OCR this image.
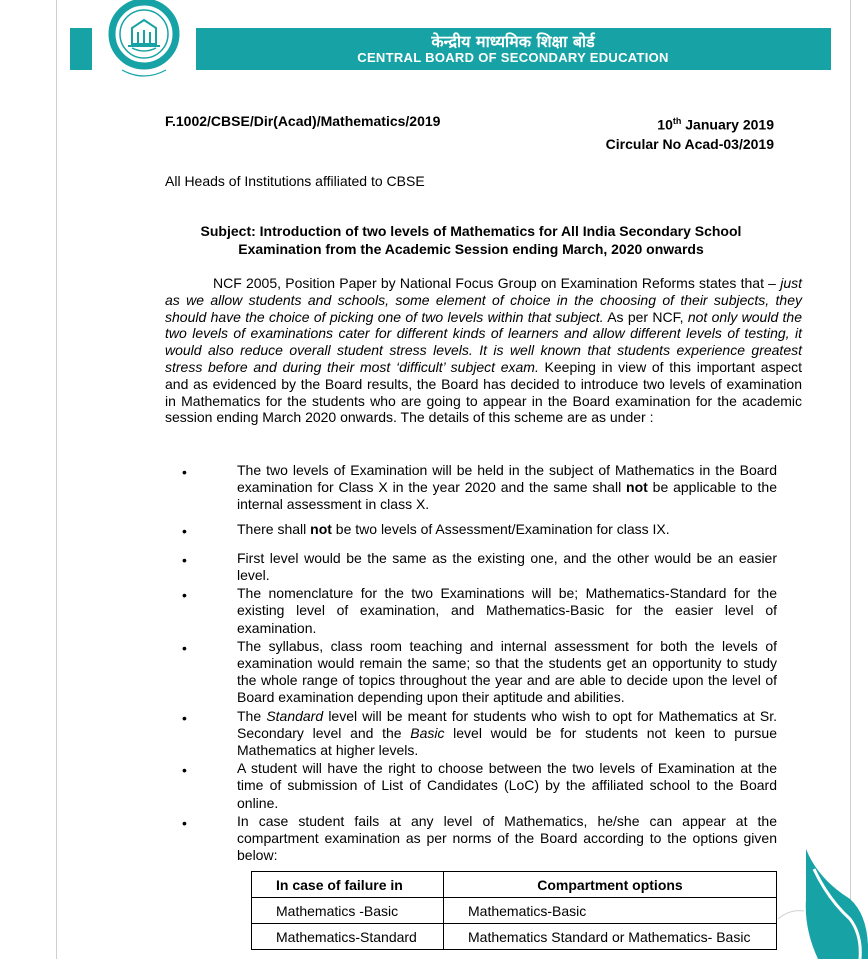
केन्द्रीय माध्यमिक शिक्षा बोर्ड
CENTRAL BOARD OF SECONDARY EDUCATION
F.1002/CBSE/Dir(Acad)/Mathematics/2019	10th January 2019
Circular No Acad-03/2019
All Heads of Institutions affiliated to CBSE
Subject: Introduction of two levels of Mathematics for All India Secondary School Examination from the Academic Session ending March, 2020 onwards
NCF 2005, Position Paper by National Focus Group on Examination Reforms states that – just as we allow students and schools, some element of choice in the choosing of their subjects, they should have the choice of picking one of two levels within that subject. As per NCF, not only would the two levels of examinations cater for different kinds of learners and allow different levels of testing, it would also reduce overall student stress levels. It is well known that students experience greatest stress before and during their most ‘difficult’ subject exam. Keeping in view of this important aspect and as evidenced by the Board results, the Board has decided to introduce two levels of examination in Mathematics for the students who are going to appear in the Board examination for the academic session ending March 2020 onwards. The details of this scheme are as under :
• The two levels of Examination will be held in the subject of Mathematics in the Board examination for Class X in the year 2020 and the same shall not be applicable to the internal assessment in class X.
• There shall not be two levels of Assessment/Examination for class IX.
• First level would be the same as the existing one, and the other would be an easier level.
• The nomenclature for the two Examinations will be; Mathematics-Standard for the existing level of examination, and Mathematics-Basic for the easier level of examination.
• The syllabus, class room teaching and internal assessment for both the levels of examination would remain the same; so that the students get an opportunity to study the whole range of topics throughout the year and are able to decide upon the level of Board examination depending upon their aptitude and abilities.
• The Standard level will be meant for students who wish to opt for Mathematics at Sr. Secondary level and the Basic level would be for students not keen to pursue Mathematics at higher levels.
• A student will have the right to choose between the two levels of Examination at the time of submission of List of Candidates (LoC) by the affiliated school to the Board online.
• In case student fails at any level of Mathematics, he/she can appear at the compartment examination as per norms of the Board according to the options given below:
In case of failure in	Compartment options
Mathematics -Basic	Mathematics-Basic
Mathematics-Standard	Mathematics Standard or Mathematics- Basic
